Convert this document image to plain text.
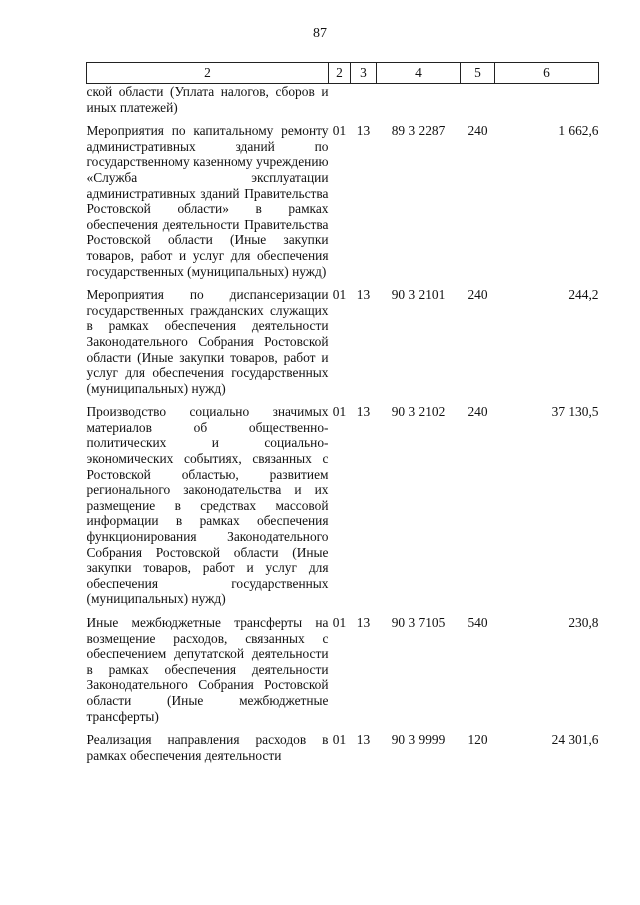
87
2	2	3	4	5	6
ской области (Уплата налогов, сборов и иных платежей)					

Мероприятия по капитальному ремонту административных зданий по государственному казенному учреждению «Служба эксплуатации административных зданий Правительства Ростовской области» в рамках обеспечения деятельности Правительства Ростовской области (Иные закупки товаров, работ и услуг для обеспечения государственных (муниципальных) нужд)	01	13	89 3 2287	240	1 662,6

Мероприятия по диспансеризации государственных гражданских служащих в рамках обеспечения деятельности Законодательного Собрания Ростовской области (Иные закупки товаров, работ и услуг для обеспечения государственных (муниципальных) нужд)	01	13	90 3 2101	240	244,2

Производство социально значимых материалов об общественно-политических и социально-экономических событиях, связанных с Ростовской областью, развитием регионального законодательства и их размещение в средствах массовой информации в рамках обеспечения функционирования Законодательного Собрания Ростовской области (Иные закупки товаров, работ и услуг для обеспечения государственных (муниципальных) нужд)	01	13	90 3 2102	240	37 130,5

Иные межбюджетные трансферты на возмещение расходов, связанных с обеспечением депутатской деятельности в рамках обеспечения деятельности Законодательного Собрания Ростовской области (Иные межбюджетные трансферты)	01	13	90 3 7105	540	230,8

Реализация направления расходов в рамках обеспечения деятельности	01	13	90 3 9999	120	24 301,6
